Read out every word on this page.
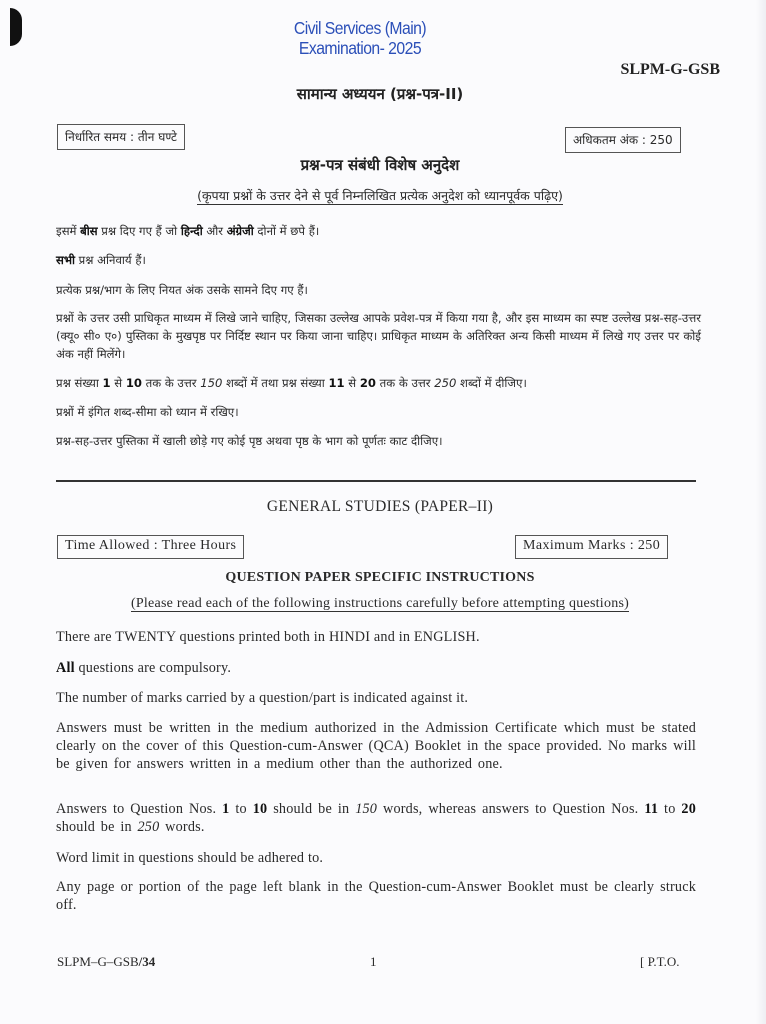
Civil Services (Main)
Examination- 2025
SLPM-G-GSB
सामान्य अध्ययन (प्रश्न-पत्र-II)
निर्धारित समय : तीन घण्टे	अधिकतम अंक : 250
प्रश्न-पत्र संबंधी विशेष अनुदेश
(कृपया प्रश्नों के उत्तर देने से पूर्व निम्नलिखित प्रत्येक अनुदेश को ध्यानपूर्वक पढ़िए)
इसमें बीस प्रश्न दिए गए हैं जो हिन्दी और अंग्रेजी दोनों में छपे हैं।
सभी प्रश्न अनिवार्य हैं।
प्रत्येक प्रश्न/भाग के लिए नियत अंक उसके सामने दिए गए हैं।
प्रश्नों के उत्तर उसी प्राधिकृत माध्यम में लिखे जाने चाहिए, जिसका उल्लेख आपके प्रवेश-पत्र में किया गया है, और इस माध्यम का स्पष्ट उल्लेख प्रश्न-सह-उत्तर (क्यू० सी० ए०) पुस्तिका के मुखपृष्ठ पर निर्दिष्ट स्थान पर किया जाना चाहिए। प्राधिकृत माध्यम के अतिरिक्त अन्य किसी माध्यम में लिखे गए उत्तर पर कोई अंक नहीं मिलेंगे।
प्रश्न संख्या 1 से 10 तक के उत्तर 150 शब्दों में तथा प्रश्न संख्या 11 से 20 तक के उत्तर 250 शब्दों में दीजिए।
प्रश्नों में इंगित शब्द-सीमा को ध्यान में रखिए।
प्रश्न-सह-उत्तर पुस्तिका में खाली छोड़े गए कोई पृष्ठ अथवा पृष्ठ के भाग को पूर्णतः काट दीजिए।
GENERAL STUDIES (PAPER–II)
Time Allowed : Three Hours	Maximum Marks : 250
QUESTION PAPER SPECIFIC INSTRUCTIONS
(Please read each of the following instructions carefully before attempting questions)
There are TWENTY questions printed both in HINDI and in ENGLISH.
All questions are compulsory.
The number of marks carried by a question/part is indicated against it.
Answers must be written in the medium authorized in the Admission Certificate which must be stated clearly on the cover of this Question-cum-Answer (QCA) Booklet in the space provided. No marks will be given for answers written in a medium other than the authorized one.
Answers to Question Nos. 1 to 10 should be in 150 words, whereas answers to Question Nos. 11 to 20 should be in 250 words.
Word limit in questions should be adhered to.
Any page or portion of the page left blank in the Question-cum-Answer Booklet must be clearly struck off.
SLPM–G–GSB/34	1	[ P.T.O.
